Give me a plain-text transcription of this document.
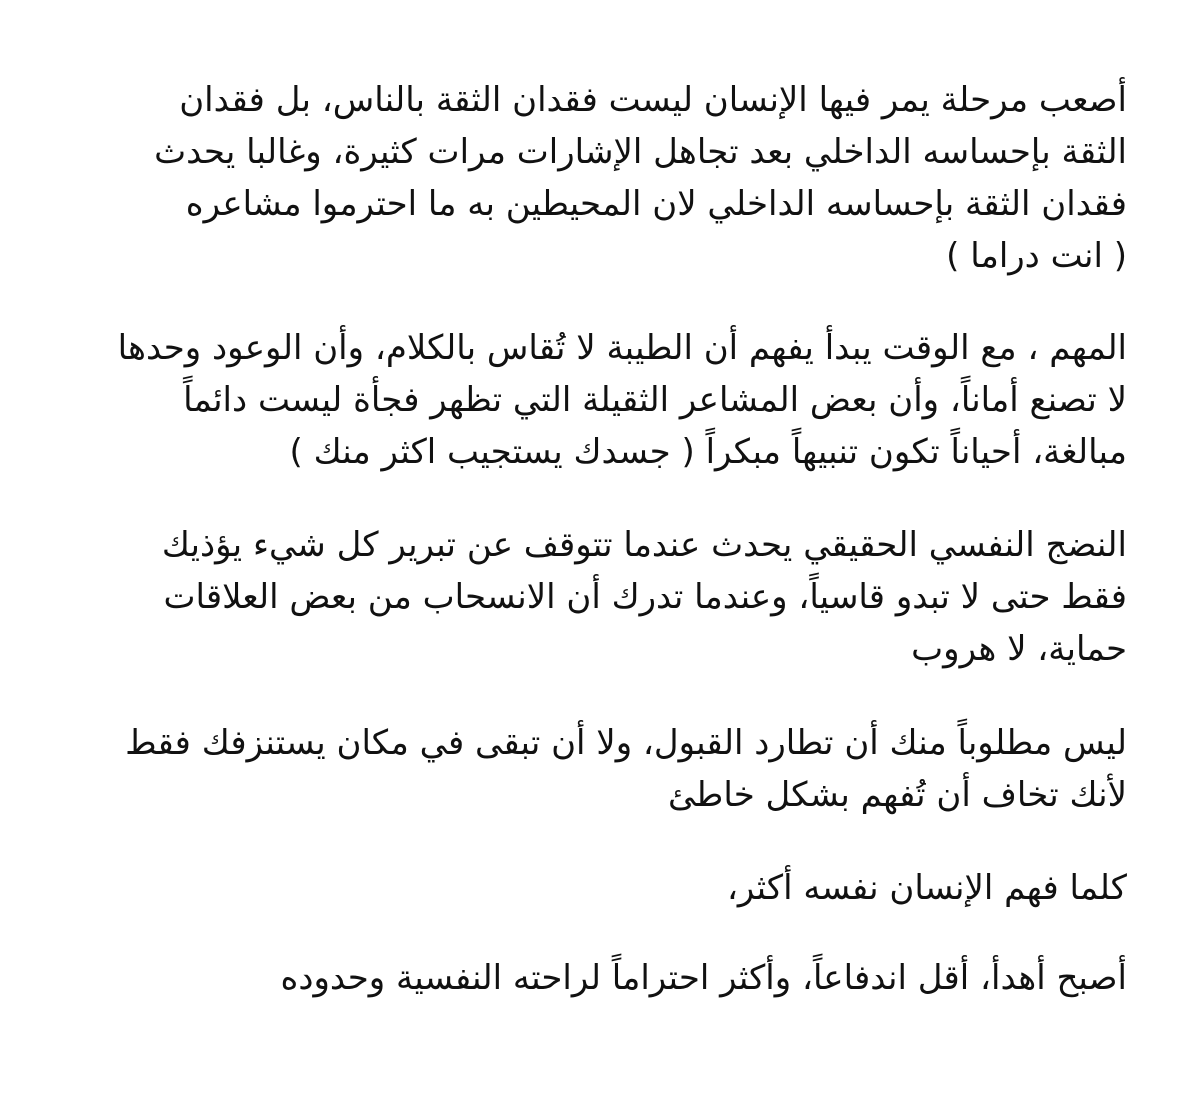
أصعب مرحلة يمر فيها الإنسان ليست فقدان الثقة بالناس، بل فقدان
الثقة بإحساسه الداخلي بعد تجاهل الإشارات مرات كثيرة، وغالبا يحدث
فقدان الثقة بإحساسه الداخلي لان المحيطين به ما احترموا مشاعره
( انت دراما )
المهم ، مع الوقت يبدأ يفهم أن الطيبة لا تُقاس بالكلام، وأن الوعود وحدها
لا تصنع أماناً، وأن بعض المشاعر الثقيلة التي تظهر فجأة ليست دائماً
مبالغة، أحياناً تكون تنبيهاً مبكراً ( جسدك يستجيب اكثر منك )
النضج النفسي الحقيقي يحدث عندما تتوقف عن تبرير كل شيء يؤذيك
فقط حتى لا تبدو قاسياً، وعندما تدرك أن الانسحاب من بعض العلاقات
حماية، لا هروب
ليس مطلوباً منك أن تطارد القبول، ولا أن تبقى في مكان يستنزفك فقط
لأنك تخاف أن تُفهم بشكل خاطئ
كلما فهم الإنسان نفسه أكثر،
أصبح أهدأ، أقل اندفاعاً، وأكثر احتراماً لراحته النفسية وحدوده
